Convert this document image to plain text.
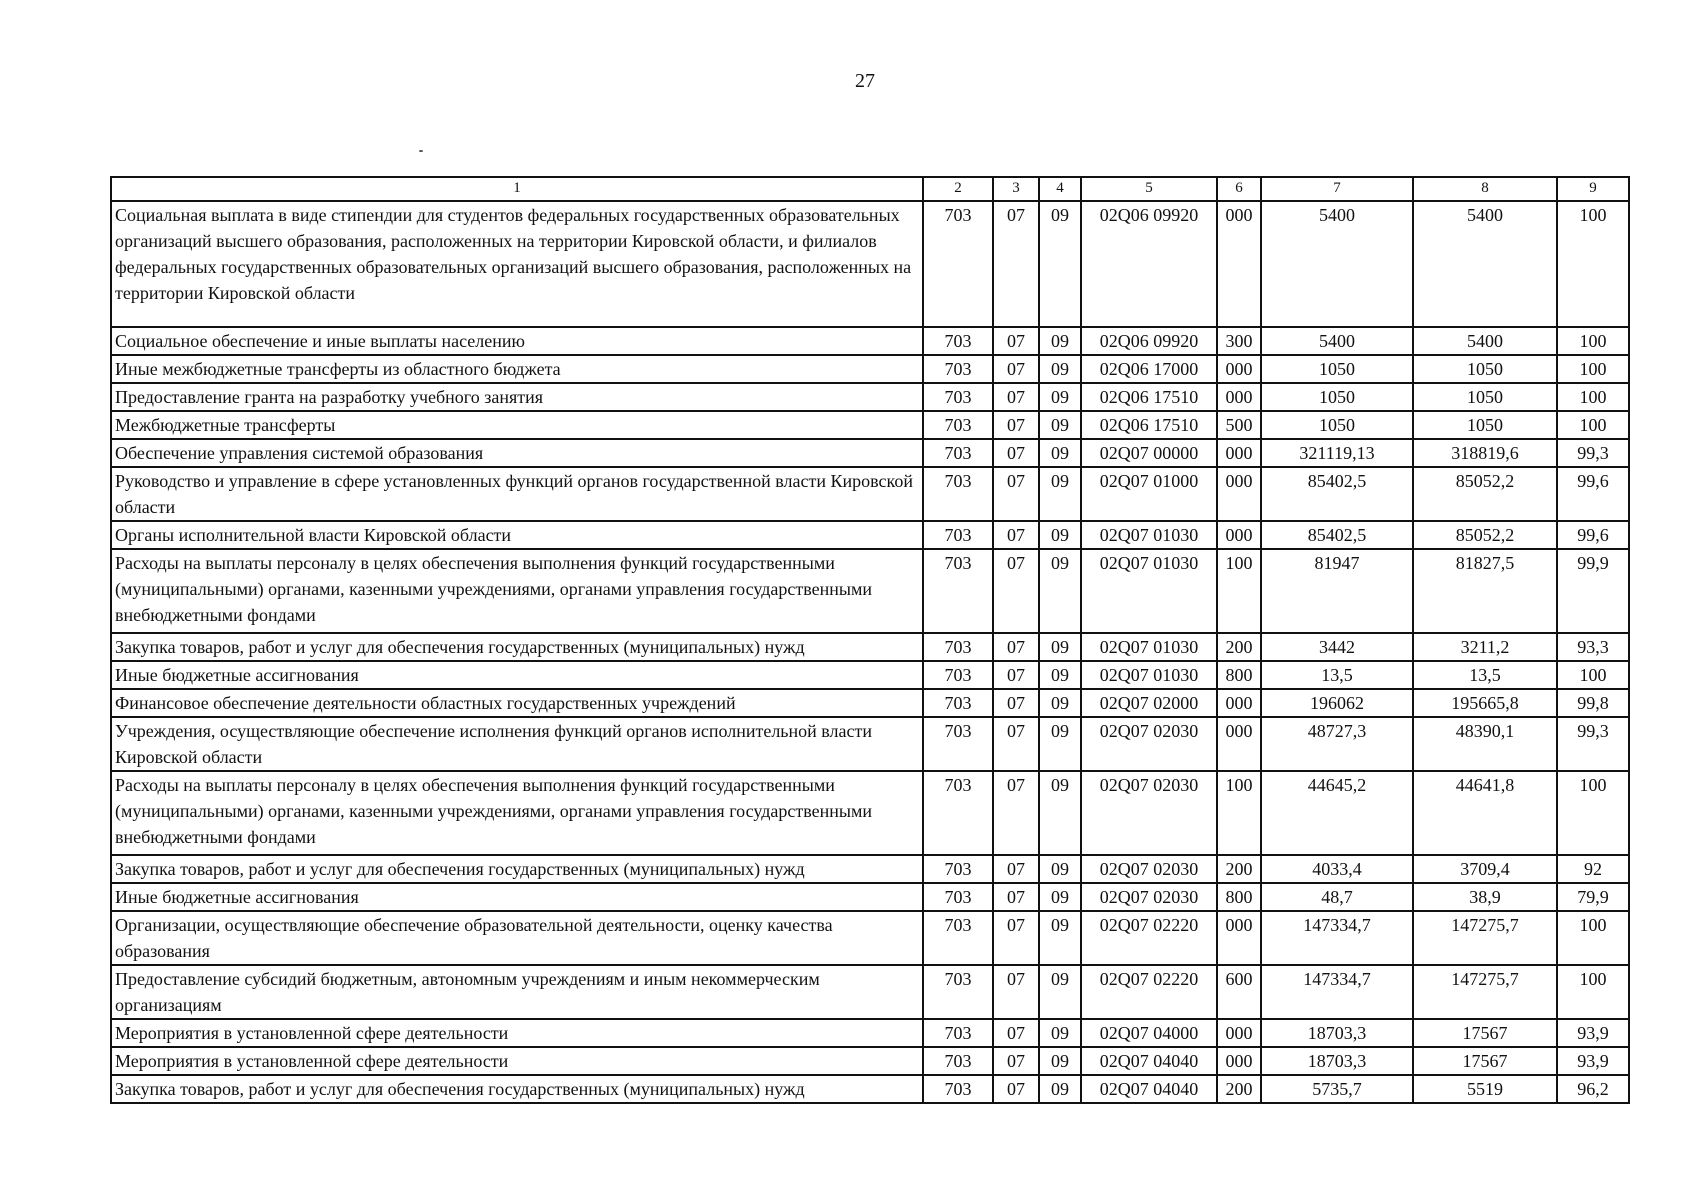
27
1	2	3	4	5	6	7	8	9
Социальная выплата в виде стипендии для студентов федеральных государственных образовательных организаций высшего образования, расположенных на территории Кировской области, и филиалов федеральных государственных образовательных организаций высшего образования, расположенных на территории Кировской области	703	07	09	02Q06 09920	000	5400	5400	100
Социальное обеспечение и иные выплаты населению	703	07	09	02Q06 09920	300	5400	5400	100
Иные межбюджетные трансферты из областного бюджета	703	07	09	02Q06 17000	000	1050	1050	100
Предоставление гранта на разработку учебного занятия	703	07	09	02Q06 17510	000	1050	1050	100
Межбюджетные трансферты	703	07	09	02Q06 17510	500	1050	1050	100
Обеспечение управления системой образования	703	07	09	02Q07 00000	000	321119,13	318819,6	99,3
Руководство и управление в сфере установленных функций органов государственной власти Кировской области	703	07	09	02Q07 01000	000	85402,5	85052,2	99,6
Органы исполнительной власти Кировской области	703	07	09	02Q07 01030	000	85402,5	85052,2	99,6
Расходы на выплаты персоналу в целях обеспечения выполнения функций государственными (муниципальными) органами, казенными учреждениями, органами управления государственными внебюджетными фондами	703	07	09	02Q07 01030	100	81947	81827,5	99,9
Закупка товаров, работ и услуг для обеспечения государственных (муниципальных) нужд	703	07	09	02Q07 01030	200	3442	3211,2	93,3
Иные бюджетные ассигнования	703	07	09	02Q07 01030	800	13,5	13,5	100
Финансовое обеспечение деятельности областных государственных учреждений	703	07	09	02Q07 02000	000	196062	195665,8	99,8
Учреждения, осуществляющие обеспечение исполнения функций органов исполнительной власти Кировской области	703	07	09	02Q07 02030	000	48727,3	48390,1	99,3
Расходы на выплаты персоналу в целях обеспечения выполнения функций государственными (муниципальными) органами, казенными учреждениями, органами управления государственными внебюджетными фондами	703	07	09	02Q07 02030	100	44645,2	44641,8	100
Закупка товаров, работ и услуг для обеспечения государственных (муниципальных) нужд	703	07	09	02Q07 02030	200	4033,4	3709,4	92
Иные бюджетные ассигнования	703	07	09	02Q07 02030	800	48,7	38,9	79,9
Организации, осуществляющие обеспечение образовательной деятельности, оценку качества образования	703	07	09	02Q07 02220	000	147334,7	147275,7	100
Предоставление субсидий бюджетным, автономным учреждениям и иным некоммерческим организациям	703	07	09	02Q07 02220	600	147334,7	147275,7	100
Мероприятия в установленной сфере деятельности	703	07	09	02Q07 04000	000	18703,3	17567	93,9
Мероприятия в установленной сфере деятельности	703	07	09	02Q07 04040	000	18703,3	17567	93,9
Закупка товаров, работ и услуг для обеспечения государственных (муниципальных) нужд	703	07	09	02Q07 04040	200	5735,7	5519	96,2
